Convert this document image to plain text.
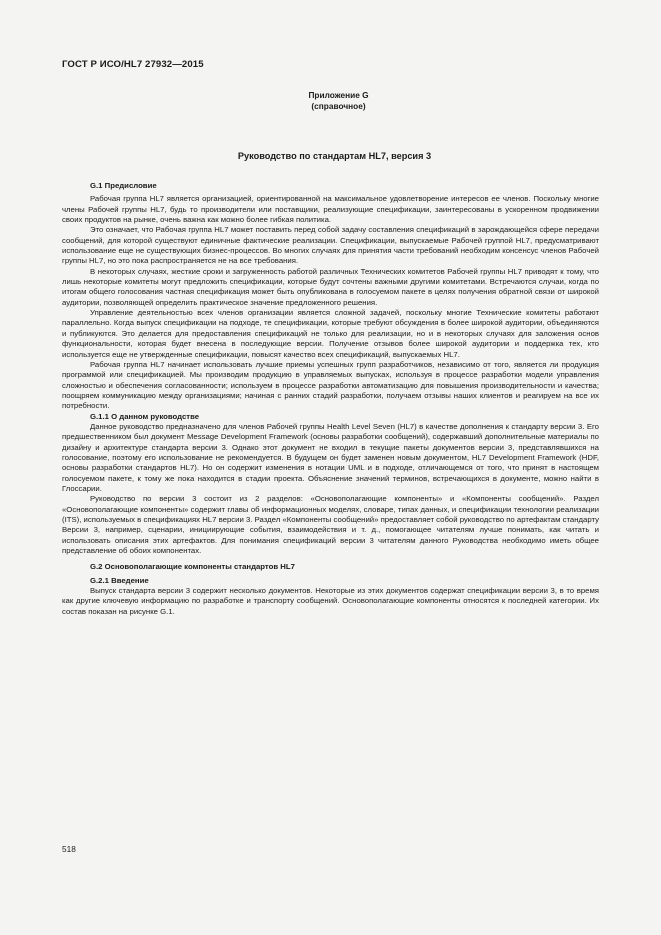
ГОСТ Р ИСО/HL7 27932—2015
Приложение G
(справочное)
Руководство по стандартам HL7, версия 3
G.1 Предисловие

Рабочая группа HL7 является организацией, ориентированной на максимальное удовлетворение интересов ее членов. Поскольку многие члены Рабочей группы HL7, будь то производители или поставщики, реализующие спецификации, заинтересованы в ускоренном продвижении своих продуктов на рынке, очень важна как можно более гибкая политика.

Это означает, что Рабочая группа HL7 может поставить перед собой задачу составления спецификаций в зарождающейся сфере передачи сообщений, для которой существуют единичные фактические реализации. Спецификации, выпускаемые Рабочей группой HL7, предусматривают использование еще не существующих бизнес-процессов. Во многих случаях для принятия части требований необходим консенсус членов Рабочей группы HL7, но это пока распространяется не на все требования.

В некоторых случаях, жесткие сроки и загруженность работой различных Технических комитетов Рабочей группы HL7 приводят к тому, что лишь некоторые комитеты могут предложить спецификации, которые будут сочтены важными другими комитетами. Встречаются случаи, когда по итогам общего голосования частная спецификация может быть опубликована в голосуемом пакете в целях получения обратной связи от широкой аудитории, позволяющей определить практическое значение предложенного решения.

Управление деятельностью всех членов организации является сложной задачей, поскольку многие Технические комитеты работают параллельно. Когда выпуск спецификации на подходе, те спецификации, которые требуют обсуждения в более широкой аудитории, объединяются и публикуются. Это делается для предоставления спецификаций не только для реализации, но и в некоторых случаях для заложения основ функциональности, которая будет внесена в последующие версии. Получение отзывов более широкой аудитории и поддержка тех, кто используется еще не утвержденные спецификации, повысят качество всех спецификаций, выпускаемых HL7.

Рабочая группа HL7 начинает использовать лучшие приемы успешных групп разработчиков, независимо от того, является ли продукция программой или спецификацией. Мы производим продукцию в управляемых выпусках, используя в процессе разработки модели управления сложностью и обеспечения согласованности; используем в процессе разработки автоматизацию для повышения производительности и качества; поощряем коммуникацию между организациями; начиная с ранних стадий разработки, получаем отзывы наших клиентов и реагируем на все их потребности.

G.1.1 О данном руководстве

Данное руководство предназначено для членов Рабочей группы Health Level Seven (HL7) в качестве дополнения к стандарту версии 3. Его предшественником был документ Message Development Framework (основы разработки сообщений), содержавший дополнительные материалы по дизайну и архитектуре стандарта версии 3. Однако этот документ не входил в текущие пакеты документов версии 3, представлявшихся на голосование, поэтому его использование не рекомендуется. В будущем он будет заменен новым документом, HL7 Development Framework (HDF, основы разработки стандартов HL7). Но он содержит изменения в нотации UML и в подходе, отличающемся от того, что принят в настоящем голосуемом пакете, к тому же пока находится в стадии проекта. Объяснение значений терминов, встречающихся в документе, можно найти в Глоссарии.

Руководство по версии 3 состоит из 2 разделов: «Основополагающие компоненты» и «Компоненты сообщений». Раздел «Основополагающие компоненты» содержит главы об информационных моделях, словаре, типах данных, и спецификации технологии реализации (ITS), используемых в спецификациях HL7 версии 3. Раздел «Компоненты сообщений» предоставляет собой руководство по артефактам стандарту Версии 3, например, сценарии, инициирующие события, взаимодействия и т. д., помогающее читателям лучше понимать, как читать и использовать описания этих артефактов. Для понимания спецификаций версии 3 читателям данного Руководства необходимо иметь общее представление об обоих компонентах.

G.2 Основополагающие компоненты стандартов HL7
G.2.1 Введение

Выпуск стандарта версии 3 содержит несколько документов. Некоторые из этих документов содержат спецификации версии 3, в то время как другие ключевую информацию по разработке и транспорту сообщений. Основополагающие компоненты относятся к последней категории. Их состав показан на рисунке G.1.

518
